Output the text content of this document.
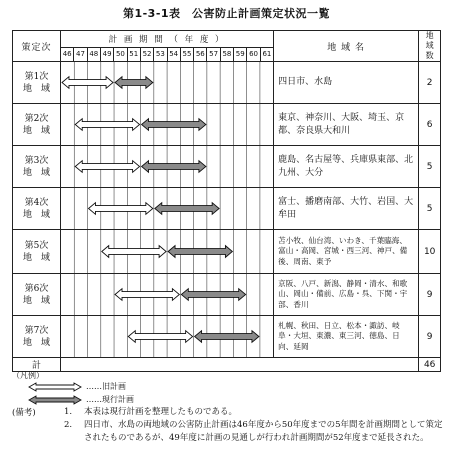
第1-3-1表　公害防止計画策定状況一覧
策定次	計 画 期 間 （ 年 度 ）																地 域 名	地域数
	46	47	48	49	50	51	52	53	54	55	56	57	58	59	60	61		

第1次
地　域																	四日市、水島	2

第2次
地　域																	東京、神奈川、大阪、埼玉、京都、奈良県大和川	6

第3次
地　域																	鹿島、名古屋等、兵庫県東部、北九州、大分	5

第4次
地　域																	富士、播磨南部、大竹、岩国、大牟田	5

第5次
地　域																	苫小牧、仙台湾、いわき、千葉臨海、富山・高岡、宮城・西三河、神戸、備後、周南、東予	10

第6次
地　域																	京阪、八戸、新潟、静岡・清水、和歌山、岡山・備前、広島・呉、下関・宇部、香川	9

第7次
地　域																	札幌、秋田、日立、松本・諏訪、岐阜・大垣、東濃、東三河、徳島、日向、延岡	9
計																		46
（凡例）
……旧計画
……現行計画
(備考)	1. 本表は現行計画を整理したものである。
2. 四日市、水島の両地域の公害防止計画は46年度から50年度までの5年間を計画期間として策定されたものであるが、49年度に計画の見通しが行われ計画期間が52年度まで延長された。
